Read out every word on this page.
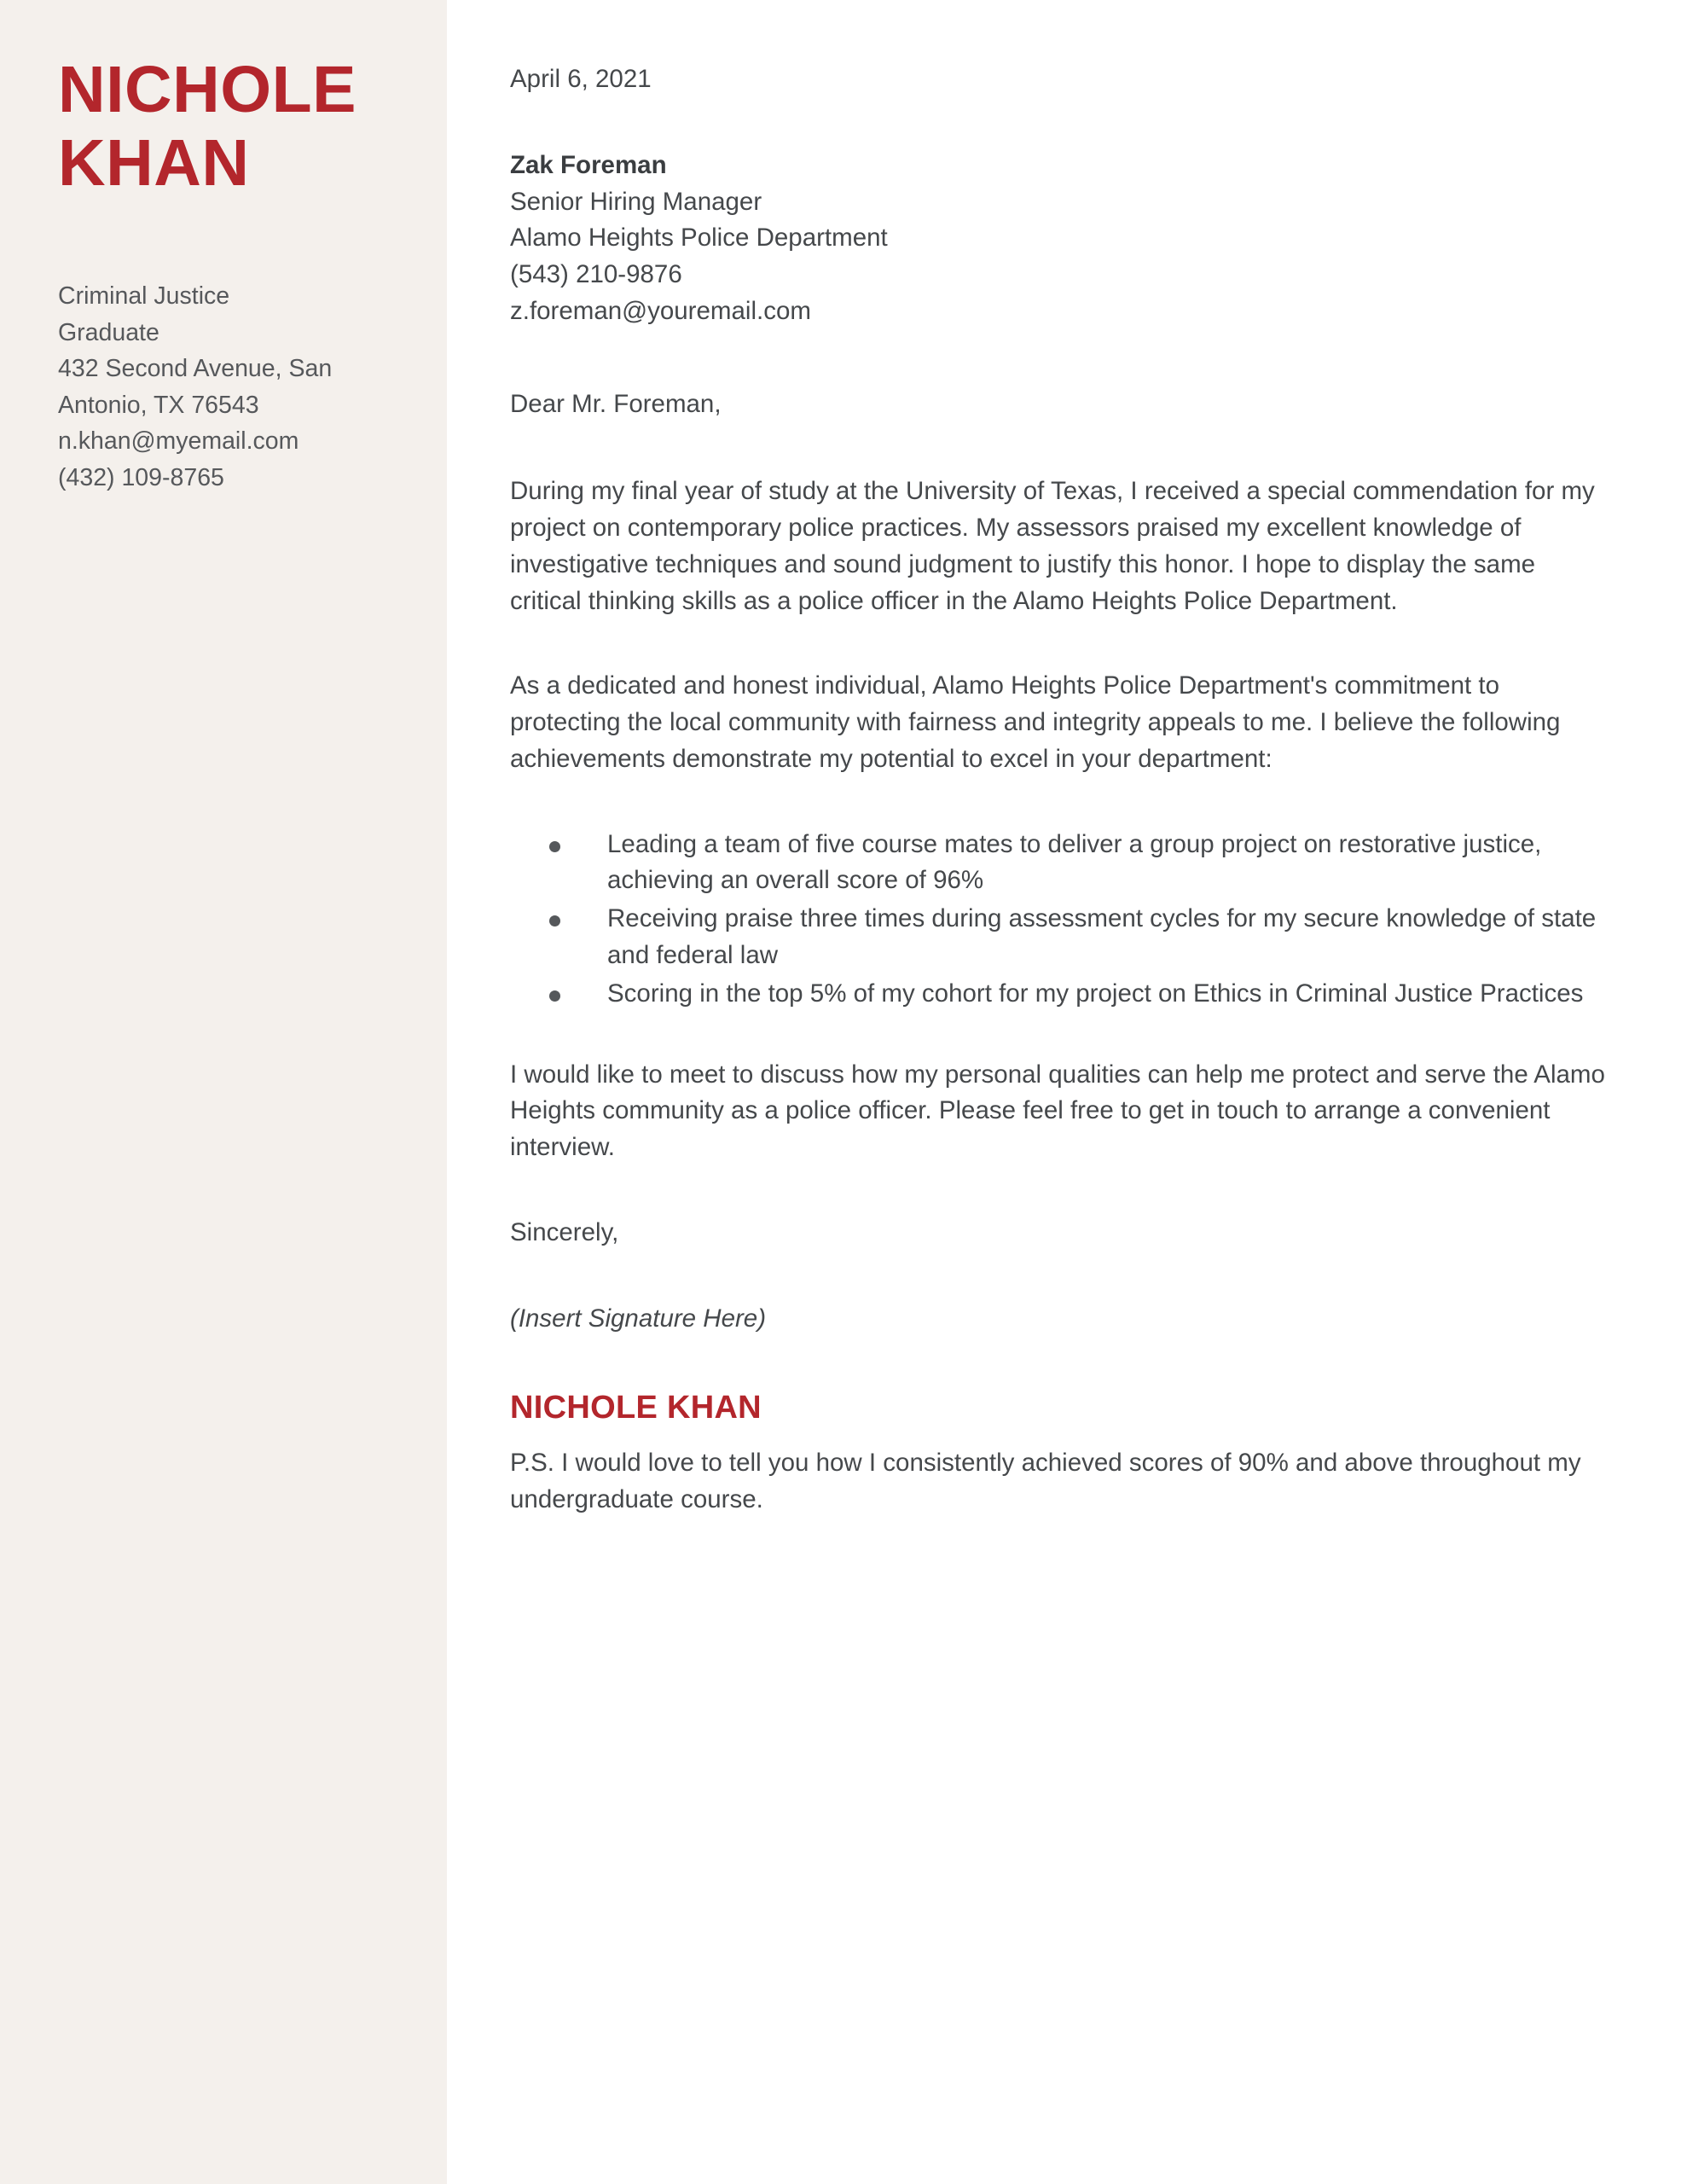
NICHOLE
KHAN
Criminal Justice
Graduate
432 Second Avenue, San
Antonio, TX 76543
n.khan@myemail.com
(432) 109-8765

April 6, 2021

Zak Foreman
Senior Hiring Manager
Alamo Heights Police Department
(543) 210-9876
z.foreman@youremail.com

Dear Mr. Foreman,

During my final year of study at the University of Texas, I received a special commendation for my project on contemporary police practices. My assessors praised my excellent knowledge of investigative techniques and sound judgment to justify this honor. I hope to display the same critical thinking skills as a police officer in the Alamo Heights Police Department.

As a dedicated and honest individual, Alamo Heights Police Department's commitment to protecting the local community with fairness and integrity appeals to me. I believe the following achievements demonstrate my potential to excel in your department:

Leading a team of five course mates to deliver a group project on restorative justice, achieving an overall score of 96%
Receiving praise three times during assessment cycles for my secure knowledge of state and federal law
Scoring in the top 5% of my cohort for my project on Ethics in Criminal Justice Practices

I would like to meet to discuss how my personal qualities can help me protect and serve the Alamo Heights community as a police officer. Please feel free to get in touch to arrange a convenient interview.

Sincerely,

(Insert Signature Here)

NICHOLE KHAN

P.S. I would love to tell you how I consistently achieved scores of 90% and above throughout my undergraduate course.
